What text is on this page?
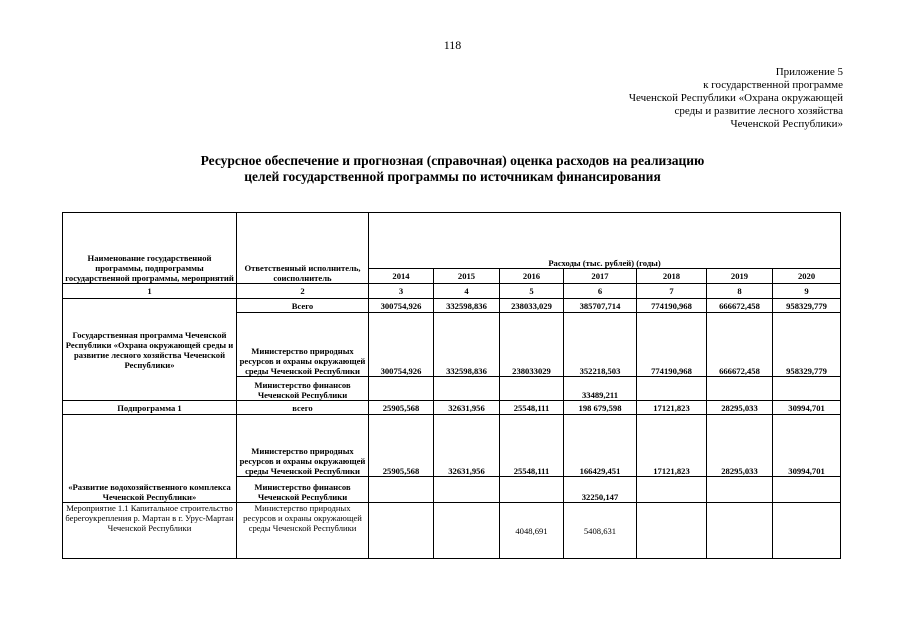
118
Приложение 5
к государственной программе
Чеченской Республики «Охрана окружающей
среды и развитие лесного хозяйства
Чеченской Республики»
Ресурсное обеспечение и прогнозная (справочная) оценка расходов на реализацию
целей государственной программы по источникам финансирования
Наименование государственной программы, подпрограммы государственной программы, мероприятий	Ответственный исполнитель, соисполнитель	Расходы (тыс. рублей) (годы)						
		2014	2015	2016	2017	2018	2019	2020
1	2	3	4	5	6	7	8	9
Государственная программа Чеченской Республики «Охрана окружающей среды и развитие лесного хозяйства Чеченской Республики»	Всего	300754,926	332598,836	238033,029	385707,714	774190,968	666672,458	958329,779
	Министерство природных ресурсов и охраны окружающей среды Чеченской Республики	300754,926	332598,836	238033029	352218,503	774190,968	666672,458	958329,779
	Министерство финансов Чеченской Республики				33489,211			
Подпрограмма 1	всего	25905,568	32631,956	25548,111	198 679,598	17121,823	28295,033	30994,701
«Развитие водохозяйственного комплекса Чеченской Республики»	Министерство природных ресурсов и охраны окружающей среды Чеченской Республики	25905,568	32631,956	25548,111	166429,451	17121,823	28295,033	30994,701
	Министерство финансов Чеченской Республики				32250,147			
Мероприятие 1.1 Капитальное строительство берегоукрепления р. Мартан в г. Урус-Мартан Чеченской Республики	Министерство природных ресурсов и охраны окружающей среды Чеченской Республики			4048,691	5408,631			
